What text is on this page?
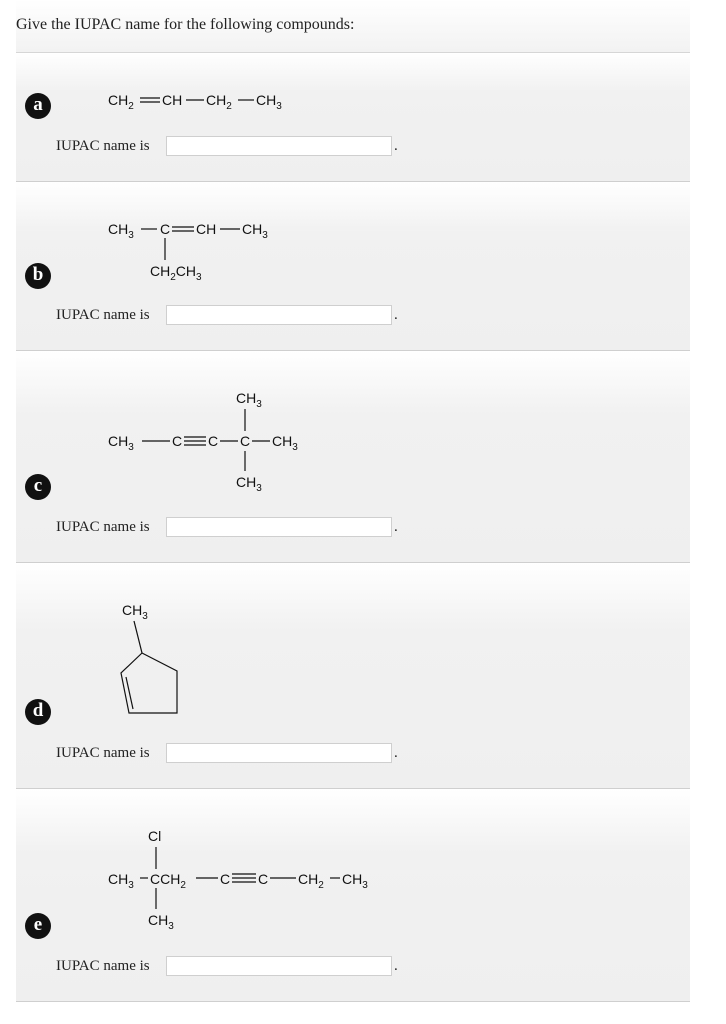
Give the IUPAC name for the following compounds:
a	$CH_2$ CH $CH_2$ $CH_3$
IUPAC name is	.
b
$CH_3$ C CH $CH_3$
$CH_2CH_3$
IUPAC name is	.
c
$CH_3$	C C C $CH_3$
$CH_3$
$CH_3$
IUPAC name is	.
d
$CH_3$
IUPAC name is	.
e
Cl
$CH_3$ $CCH_2$ C C $CH_2$ $CH_3$
$CH_3$
IUPAC name is	.
